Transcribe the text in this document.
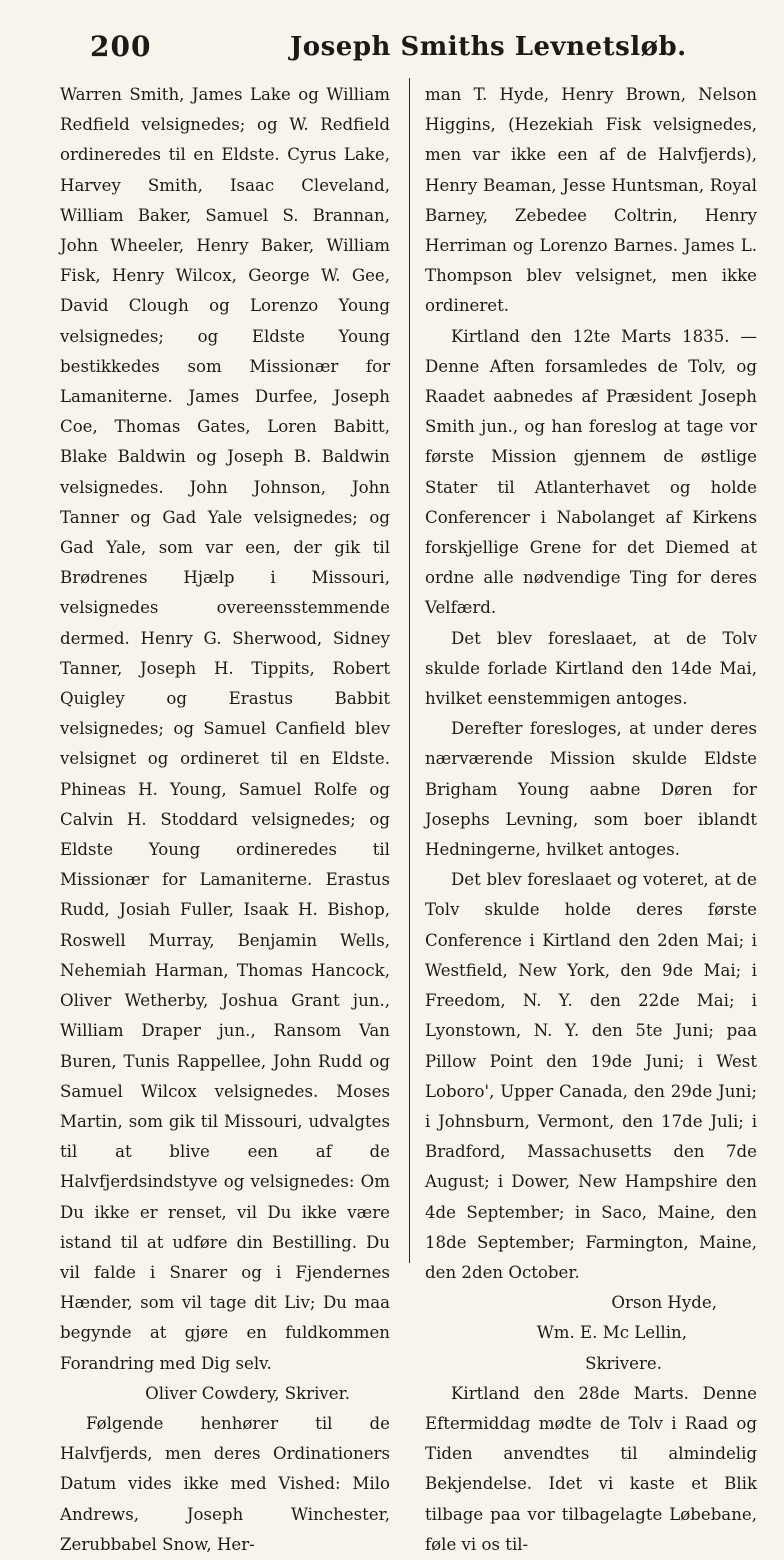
200	Joseph Smiths Levnetsløb.

Warren Smith, James Lake og William Redfield velsignedes; og W. Redfield ordineredes til en Eldste. Cyrus Lake, Harvey Smith, Isaac Cleveland, William Baker, Samuel S. Brannan, John Wheeler, Henry Baker, William Fisk, Henry Wilcox, George W. Gee, David Clough og Lorenzo Young velsignedes; og Eldste Young bestikkedes som Missionær for Lamaniterne. James Durfee, Joseph Coe, Thomas Gates, Loren Babitt, Blake Baldwin og Joseph B. Baldwin velsignedes. John Johnson, John Tanner og Gad Yale velsignedes; og Gad Yale, som var een, der gik til Brødrenes Hjælp i Missouri, velsignedes overeensstemmende dermed. Henry G. Sherwood, Sidney Tanner, Joseph H. Tippits, Robert Quigley og Erastus Babbit velsignedes; og Samuel Canfield blev velsignet og ordineret til en Eldste. Phineas H. Young, Samuel Rolfe og Calvin H. Stoddard velsignedes; og Eldste Young ordineredes til Missionær for Lamaniterne. Erastus Rudd, Josiah Fuller, Isaak H. Bishop, Roswell Murray, Benjamin Wells, Nehemiah Harman, Thomas Hancock, Oliver Wetherby, Joshua Grant jun., William Draper jun., Ransom Van Buren, Tunis Rappellee, John Rudd og Samuel Wilcox velsignedes. Moses Martin, som gik til Missouri, udvalgtes til at blive een af de Halvfjerdsindstyve og velsignedes: Om Du ikke er renset, vil Du ikke være istand til at udføre din Bestilling. Du vil falde i Snarer og i Fjendernes Hænder, som vil tage dit Liv; Du maa begynde at gjøre en fuldkommen Forandring med Dig selv.

Oliver Cowdery, Skriver.

Følgende henhører til de Halvfjerds, men deres Ordinationers Datum vides ikke med Vished: Milo Andrews, Joseph Winchester, Zerubbabel Snow, Her-

man T. Hyde, Henry Brown, Nelson Higgins, (Hezekiah Fisk velsignedes, men var ikke een af de Halvfjerds), Henry Beaman, Jesse Huntsman, Royal Barney, Zebedee Coltrin, Henry Herriman og Lorenzo Barnes. James L. Thompson blev velsignet, men ikke ordineret.

Kirtland den 12te Marts 1835. — Denne Aften forsamledes de Tolv, og Raadet aabnedes af Præsident Joseph Smith jun., og han foreslog at tage vor første Mission gjennem de østlige Stater til Atlanterhavet og holde Conferencer i Nabolanget af Kirkens forskjellige Grene for det Diemed at ordne alle nødvendige Ting for deres Velfærd.

Det blev foreslaaet, at de Tolv skulde forlade Kirtland den 14de Mai, hvilket eenstemmigen antoges.

Derefter foresloges, at under deres nærværende Mission skulde Eldste Brigham Young aabne Døren for Josephs Levning, som boer iblandt Hedningerne, hvilket antoges.

Det blev foreslaaet og voteret, at de Tolv skulde holde deres første Conference i Kirtland den 2den Mai; i Westfield, New York, den 9de Mai; i Freedom, N. Y. den 22de Mai; i Lyonstown, N. Y. den 5te Juni; paa Pillow Point den 19de Juni; i West Loboro', Upper Canada, den 29de Juni; i Johnsburn, Vermont, den 17de Juli; i Bradford, Massachusetts den 7de August; i Dower, New Hampshire den 4de September; in Saco, Maine, den 18de September; Farmington, Maine, den 2den October.

Orson Hyde,

Wm. E. Mc Lellin,

Skrivere.

Kirtland den 28de Marts. Denne Eftermiddag mødte de Tolv i Raad og Tiden anvendtes til almindelig Bekjendelse. Idet vi kaste et Blik tilbage paa vor tilbagelagte Løbebane, føle vi os til-
